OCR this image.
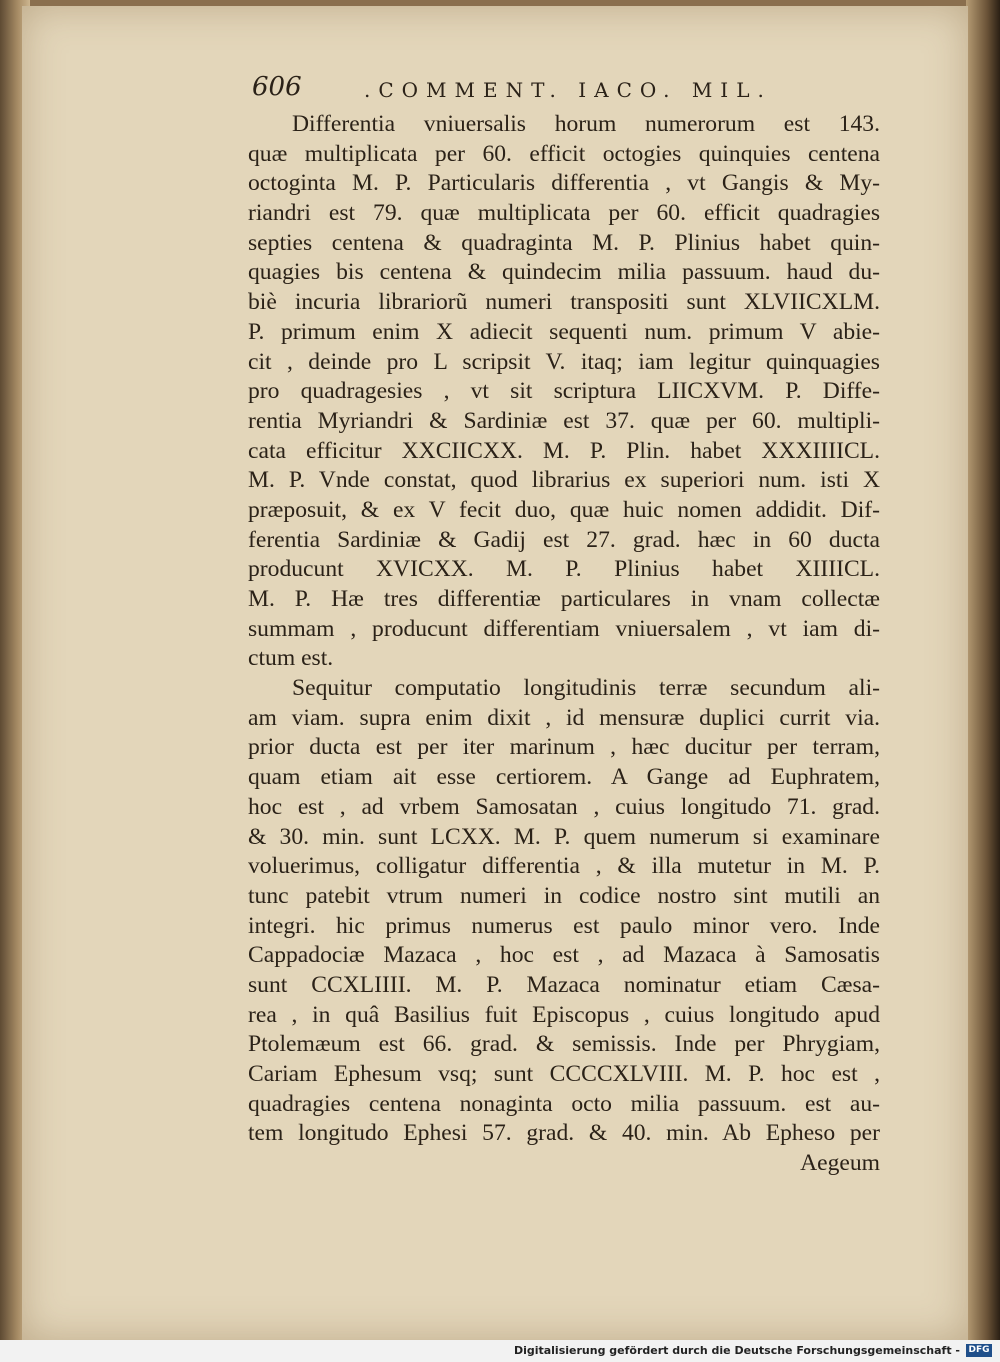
606	.COMMENT. IACO. MIL.
Differentia vniuersalis horum numerorum est 143.
quæ multiplicata per 60. efficit octogies quinquies centena
octoginta M. P. Particularis differentia , vt Gangis & My-
riandri est 79. quæ multiplicata per 60. efficit quadragies
septies centena & quadraginta M. P. Plinius habet quin-
quagies bis centena & quindecim milia passuum. haud du-
biè incuria librariorũ numeri transpositi sunt XLVIICXLM.
P. primum enim X adiecit sequenti num. primum V abie-
cit , deinde pro L scripsit V. itaq; iam legitur quinquagies
pro quadragesies , vt sit scriptura LIICXVM. P. Diffe-
rentia Myriandri & Sardiniæ est 37. quæ per 60. multipli-
cata efficitur XXCIICXX. M. P. Plin. habet XXXIIIICL.
M. P. Vnde constat, quod librarius ex superiori num. isti X
præposuit, & ex V fecit duo, quæ huic nomen addidit. Dif-
ferentia Sardiniæ & Gadij est 27. grad. hæc in 60 ducta
producunt XVICXX. M. P. Plinius habet XIIIICL.
M. P. Hæ tres differentiæ particulares in vnam collectæ
summam , producunt differentiam vniuersalem , vt iam di-
ctum est.
Sequitur computatio longitudinis terræ secundum ali-
am viam. supra enim dixit , id mensuræ duplici currit via.
prior ducta est per iter marinum , hæc ducitur per terram,
quam etiam ait esse certiorem. A Gange ad Euphratem,
hoc est , ad vrbem Samosatan , cuius longitudo 71. grad.
& 30. min. sunt LCXX. M. P. quem numerum si examinare
voluerimus, colligatur differentia , & illa mutetur in M. P.
tunc patebit vtrum numeri in codice nostro sint mutili an
integri. hic primus numerus est paulo minor vero. Inde
Cappadociæ Mazaca , hoc est , ad Mazaca à Samosatis
sunt CCXLIIII. M. P. Mazaca nominatur etiam Cæsa-
rea , in quâ Basilius fuit Episcopus , cuius longitudo apud
Ptolemæum est 66. grad. & semissis. Inde per Phrygiam,
Cariam Ephesum vsq; sunt CCCCXLVIII. M. P. hoc est ,
quadragies centena nonaginta octo milia passuum. est au-
tem longitudo Ephesi 57. grad. & 40. min. Ab Epheso per
Aegeum
Digitalisierung gefördert durch die Deutsche Forschungsgemeinschaft - DFG
